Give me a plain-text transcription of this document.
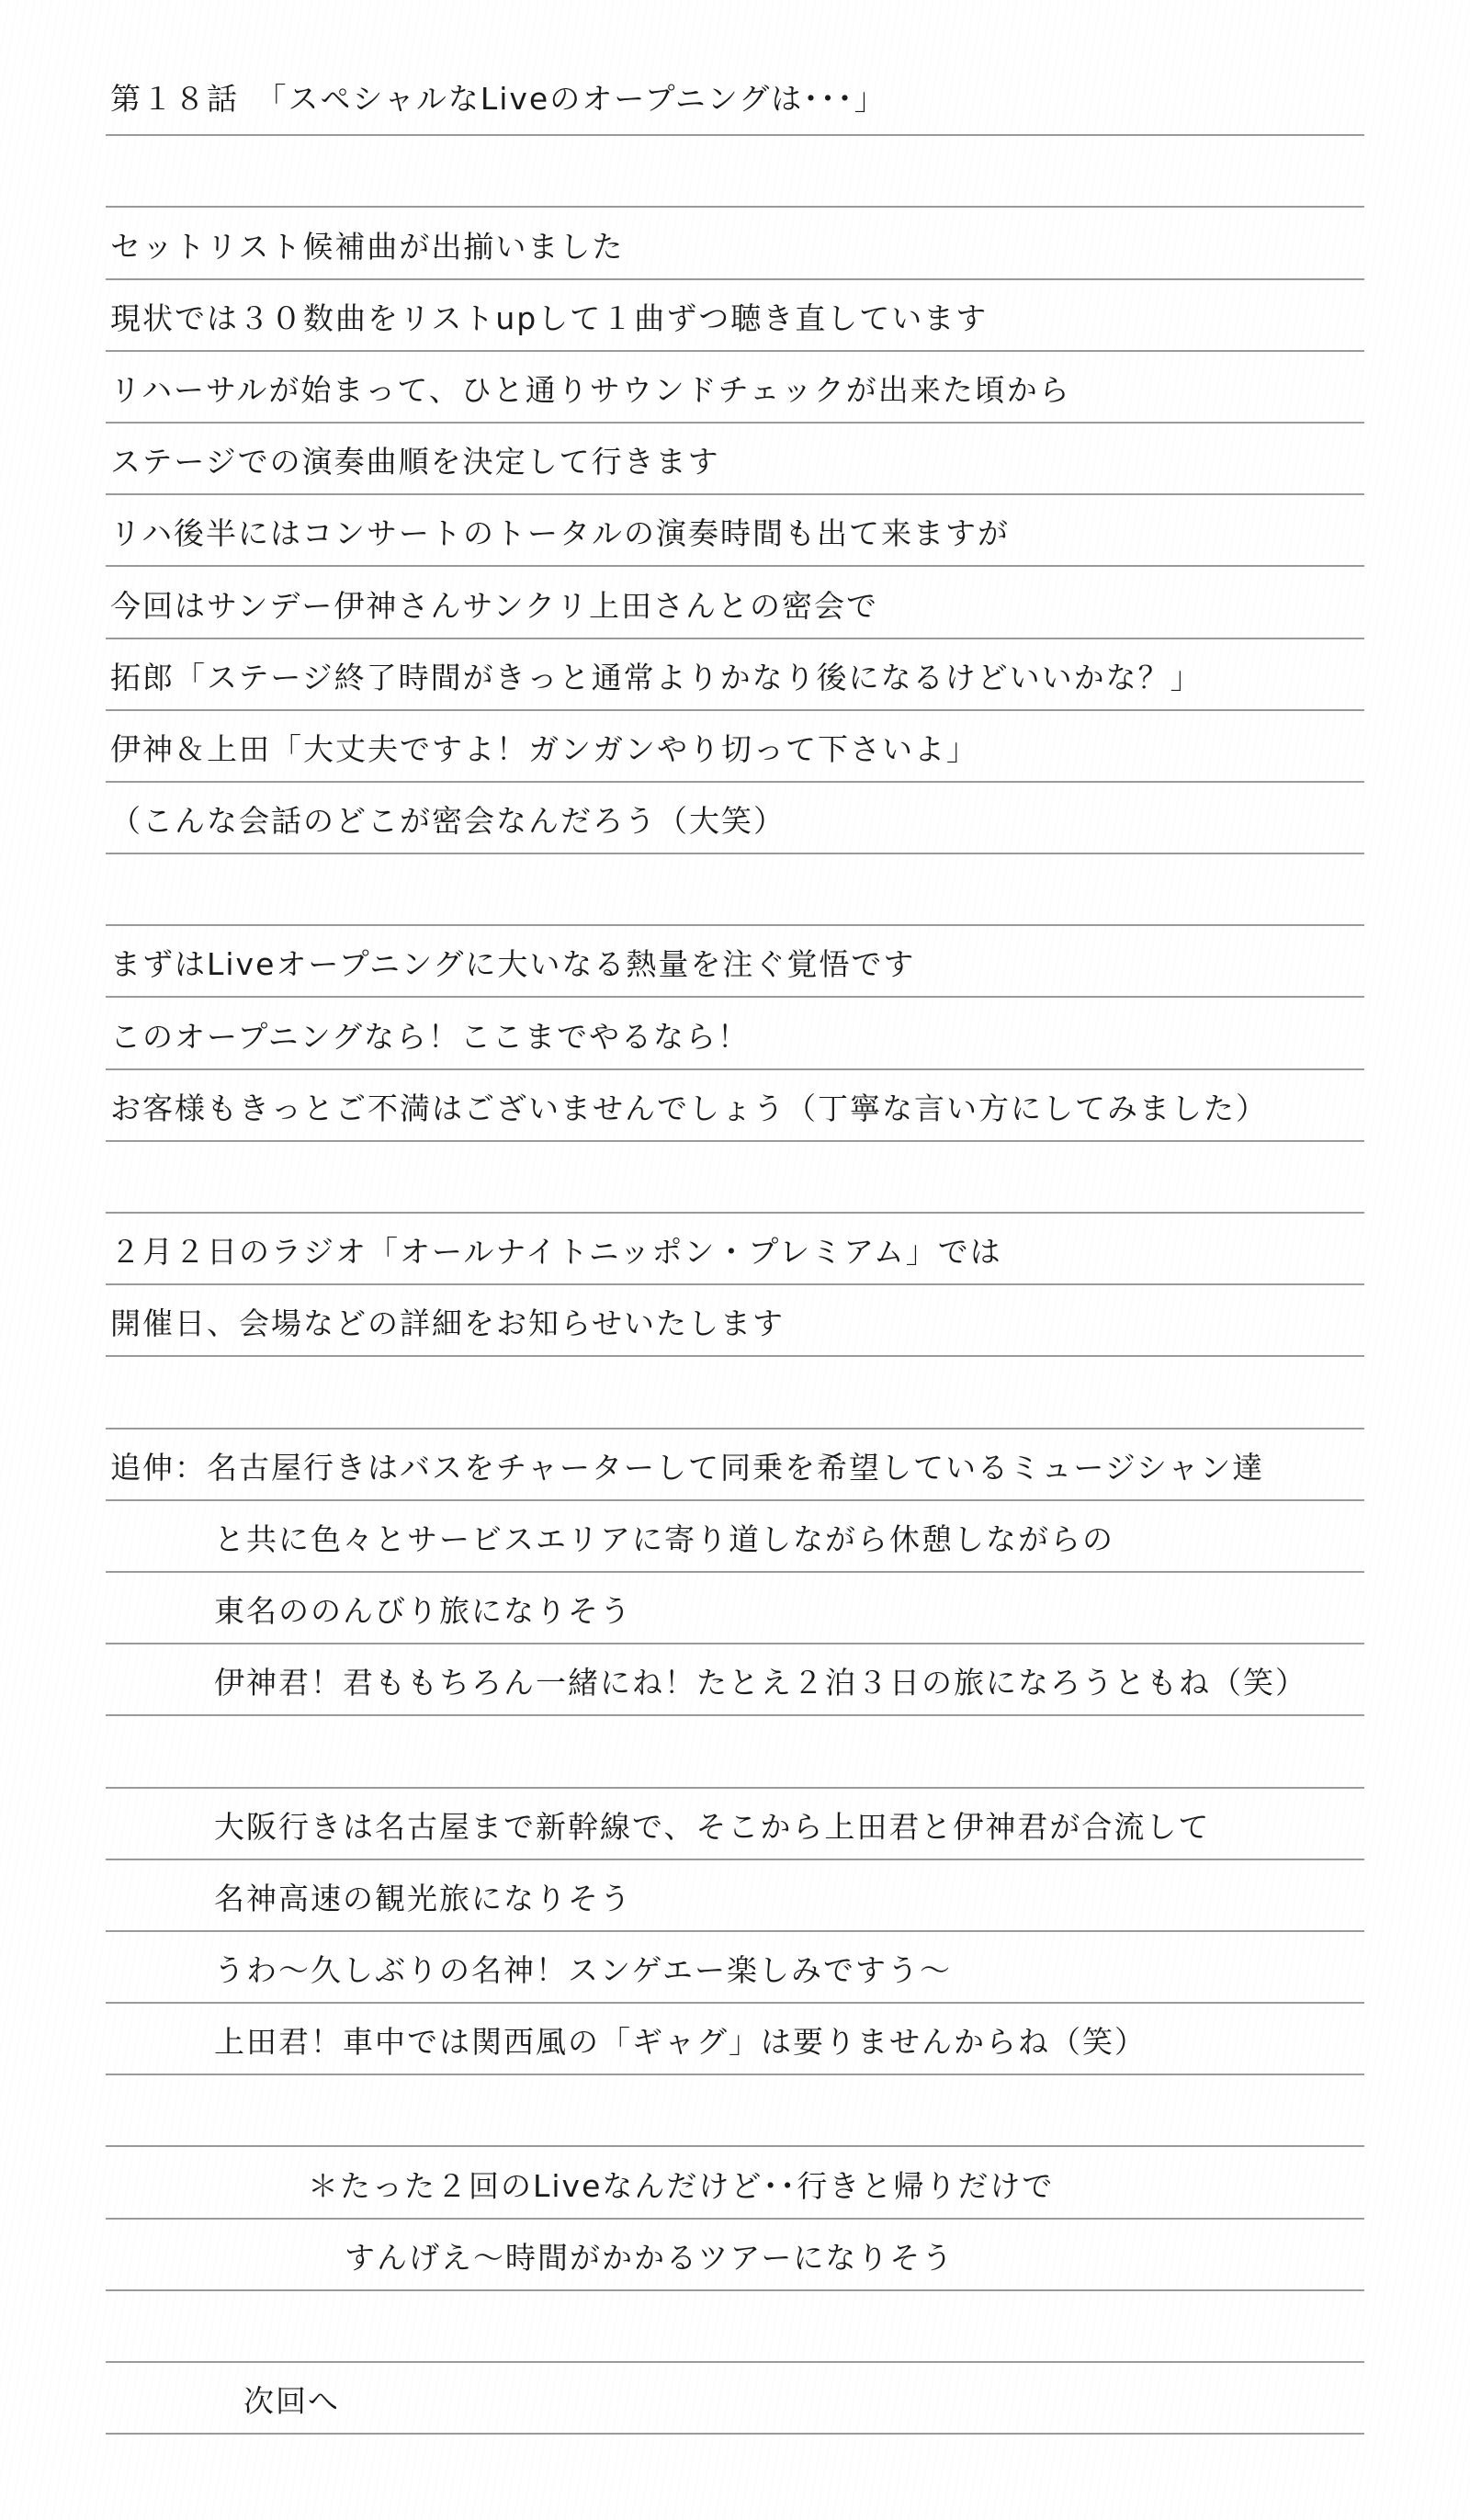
第１８話　「スペシャルなLiveのオープニングは･･･」
セットリスト候補曲が出揃いました
現状では３０数曲をリストupして１曲ずつ聴き直しています
リハーサルが始まって、ひと通りサウンドチェックが出来た頃から
ステージでの演奏曲順を決定して行きます
リハ後半にはコンサートのトータルの演奏時間も出て来ますが
今回はサンデー伊神さんサンクリ上田さんとの密会で
拓郎「ステージ終了時間がきっと通常よりかなり後になるけどいいかな？」
伊神＆上田「大丈夫ですよ！ガンガンやり切って下さいよ」
（こんな会話のどこが密会なんだろう（大笑）
まずはLiveオープニングに大いなる熱量を注ぐ覚悟です
このオープニングなら！ここまでやるなら！
お客様もきっとご不満はございませんでしょう（丁寧な言い方にしてみました）
２月２日のラジオ「オールナイトニッポン・プレミアム」では
開催日、会場などの詳細をお知らせいたします
追伸：名古屋行きはバスをチャーターして同乗を希望しているミュージシャン達
と共に色々とサービスエリアに寄り道しながら休憩しながらの
東名ののんびり旅になりそう
伊神君！君ももちろん一緒にね！たとえ２泊３日の旅になろうともね（笑）
大阪行きは名古屋まで新幹線で、そこから上田君と伊神君が合流して
名神高速の観光旅になりそう
うわ～久しぶりの名神！スンゲエー楽しみですう～
上田君！車中では関西風の「ギャグ」は要りませんからね（笑）
＊たった２回のLiveなんだけど･･行きと帰りだけで
すんげえ～時間がかかるツアーになりそう
次回へ
